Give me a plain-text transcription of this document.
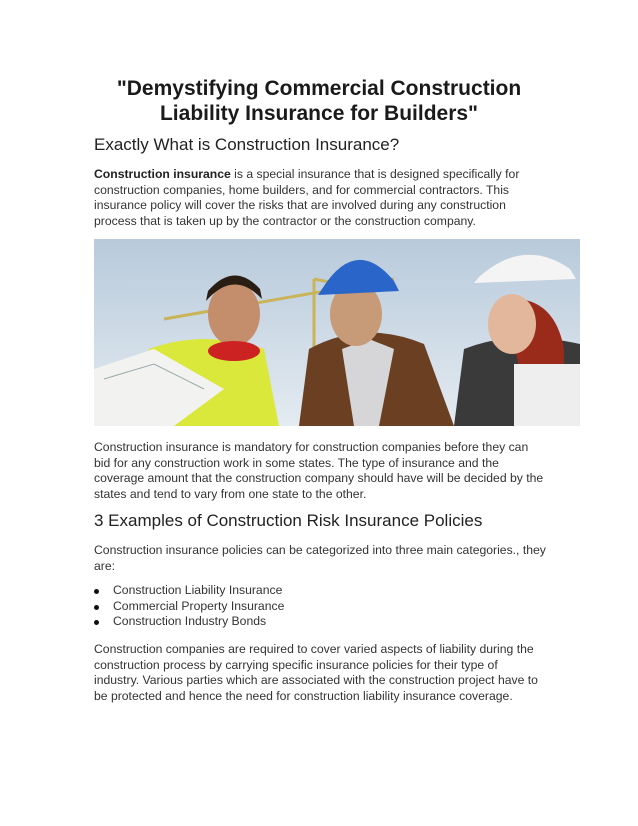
"Demystifying Commercial Construction
Liability Insurance for Builders"
Exactly What is Construction Insurance?

Construction insurance is a special insurance that is designed specifically for construction companies, home builders, and for commercial contractors. This insurance policy will cover the risks that are involved during any construction process that is taken up by the contractor or the construction company.

Construction insurance is mandatory for construction companies before they can bid for any construction work in some states. The type of insurance and the coverage amount that the construction company should have will be decided by the states and tend to vary from one state to the other.

3 Examples of Construction Risk Insurance Policies

Construction insurance policies can be categorized into three main categories., they are:

Construction Liability Insurance
Commercial Property Insurance
Construction Industry Bonds

Construction companies are required to cover varied aspects of liability during the construction process by carrying specific insurance policies for their type of industry. Various parties which are associated with the construction project have to be protected and hence the need for construction liability insurance coverage.
